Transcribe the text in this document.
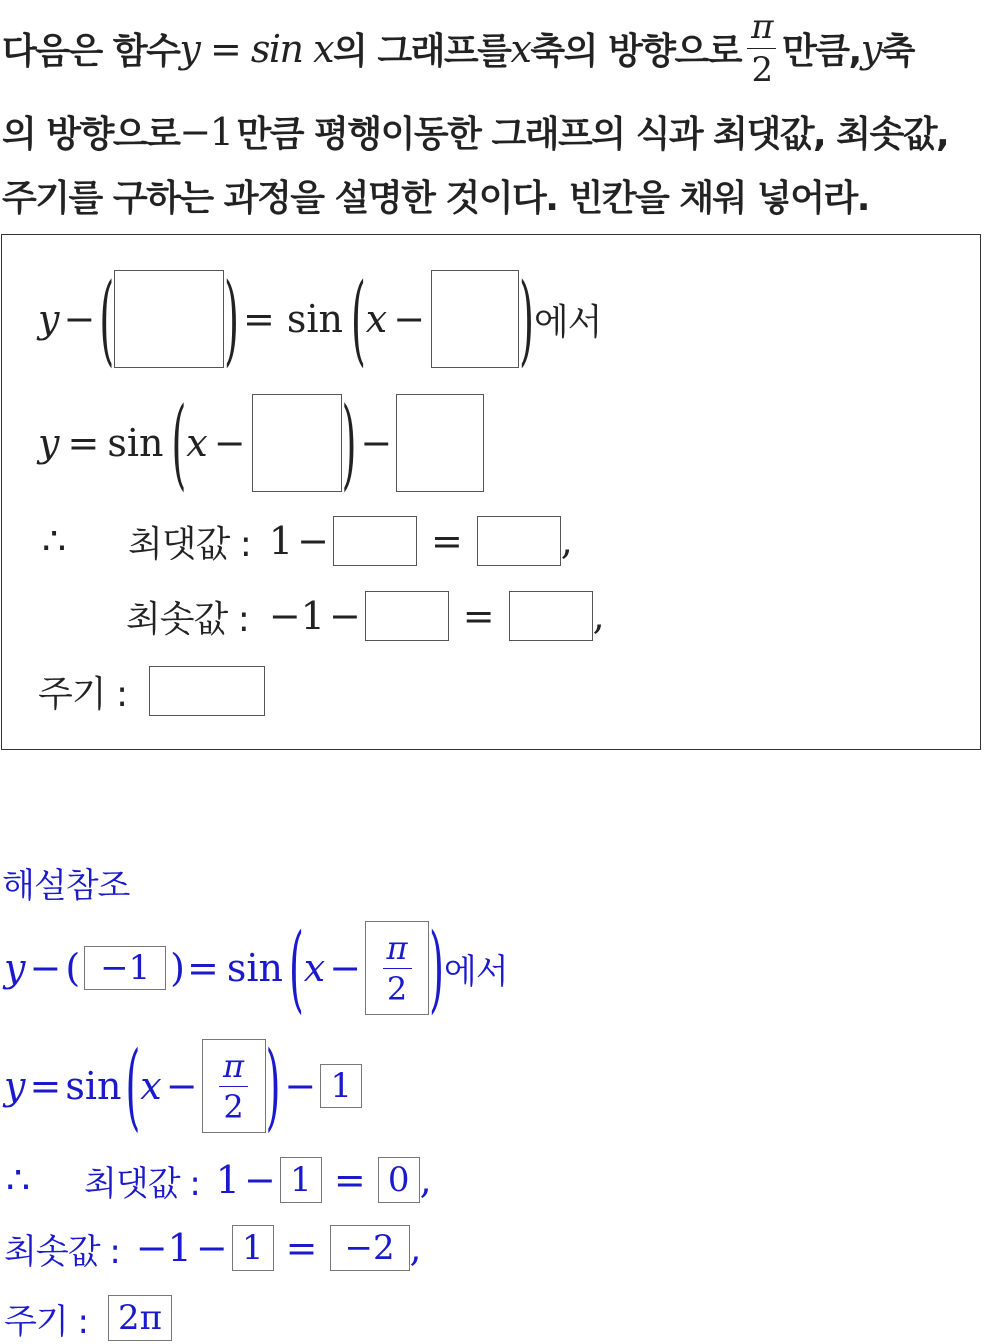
다음은 함수 y = sin x 의 그래프를 x 축의 방향으로 $\frac{\pi}{2}$ 만큼, y 축
의 방향으로 −1 만큼 평행이동한 그래프의 식과 최댓값, 최솟값,
주기를 구하는 과정을 설명한 것이다. 빈칸을 채워 넣어라.
y − (	) = sin ( x − ) 에서
y = sin ( x −	) −
∴	최댓값 : 1 −	=	,
최솟값 : −1 −	=	,
주기 :
해설참조
y − ( −1 ) = sin ( $x - \frac{\pi}{2}$ ) 에서
y = sin ( $x - \frac{\pi}{2}$ ) − 1
∴	최댓값 : 1 − 1 = 0 ,
최솟값 : −1 − 1 = −2 ,
주기 : 2π
